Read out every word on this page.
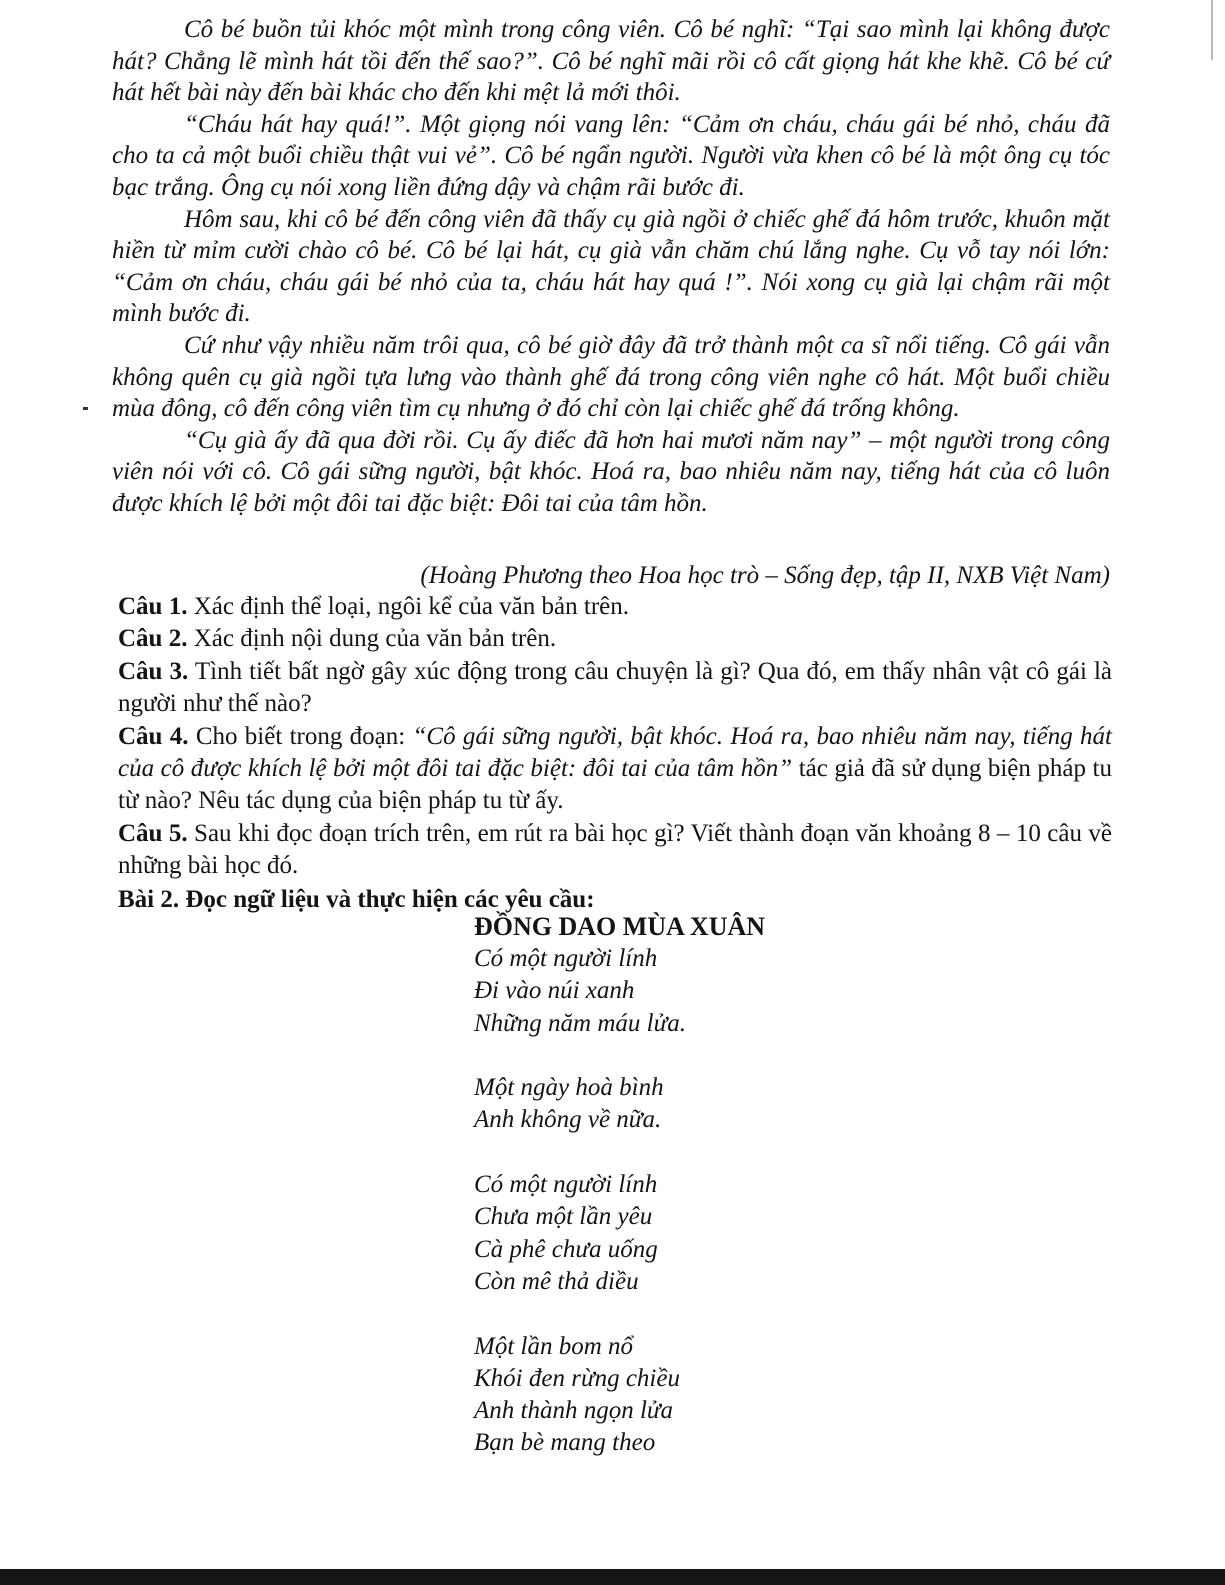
Cô bé buồn tủi khóc một mình trong công viên. Cô bé nghĩ: “Tại sao mình lại không được hát? Chẳng lẽ mình hát tồi đến thế sao?”. Cô bé nghĩ mãi rồi cô cất giọng hát khe khẽ. Cô bé cứ hát hết bài này đến bài khác cho đến khi mệt lả mới thôi.

“Cháu hát hay quá!”. Một giọng nói vang lên: “Cảm ơn cháu, cháu gái bé nhỏ, cháu đã cho ta cả một buổi chiều thật vui vẻ”. Cô bé ngẩn người. Người vừa khen cô bé là một ông cụ tóc bạc trắng. Ông cụ nói xong liền đứng dậy và chậm rãi bước đi.

Hôm sau, khi cô bé đến công viên đã thấy cụ già ngồi ở chiếc ghế đá hôm trước, khuôn mặt hiền từ mỉm cười chào cô bé. Cô bé lại hát, cụ già vẫn chăm chú lắng nghe. Cụ vỗ tay nói lớn: “Cảm ơn cháu, cháu gái bé nhỏ của ta, cháu hát hay quá !”. Nói xong cụ già lại chậm rãi một mình bước đi.

Cứ như vậy nhiều năm trôi qua, cô bé giờ đây đã trở thành một ca sĩ nổi tiếng. Cô gái vẫn không quên cụ già ngồi tựa lưng vào thành ghế đá trong công viên nghe cô hát. Một buổi chiều mùa đông, cô đến công viên tìm cụ nhưng ở đó chỉ còn lại chiếc ghế đá trống không.

“Cụ già ấy đã qua đời rồi. Cụ ấy điếc đã hơn hai mươi năm nay” – một người trong công viên nói với cô. Cô gái sững người, bật khóc. Hoá ra, bao nhiêu năm nay, tiếng hát của cô luôn được khích lệ bởi một đôi tai đặc biệt: Đôi tai của tâm hồn.

(Hoàng Phương theo Hoa học trò – Sống đẹp, tập II, NXB Việt Nam)

Câu 1. Xác định thể loại, ngôi kể của văn bản trên.

Câu 2. Xác định nội dung của văn bản trên.

Câu 3. Tình tiết bất ngờ gây xúc động trong câu chuyện là gì? Qua đó, em thấy nhân vật cô gái là người như thế nào?

Câu 4. Cho biết trong đoạn: “Cô gái sững người, bật khóc. Hoá ra, bao nhiêu năm nay, tiếng hát của cô được khích lệ bởi một đôi tai đặc biệt: đôi tai của tâm hồn” tác giả đã sử dụng biện pháp tu từ nào? Nêu tác dụng của biện pháp tu từ ấy.

Câu 5. Sau khi đọc đoạn trích trên, em rút ra bài học gì? Viết thành đoạn văn khoảng 8 – 10 câu về những bài học đó.

Bài 2. Đọc ngữ liệu và thực hiện các yêu cầu:
ĐỒNG DAO MÙA XUÂN
Có một người lính
Đi vào núi xanh
Những năm máu lửa.
Một ngày hoà bình
Anh không về nữa.
Có một người lính
Chưa một lần yêu
Cà phê chưa uống
Còn mê thả diều
Một lần bom nổ
Khói đen rừng chiều
Anh thành ngọn lửa
Bạn bè mang theo
